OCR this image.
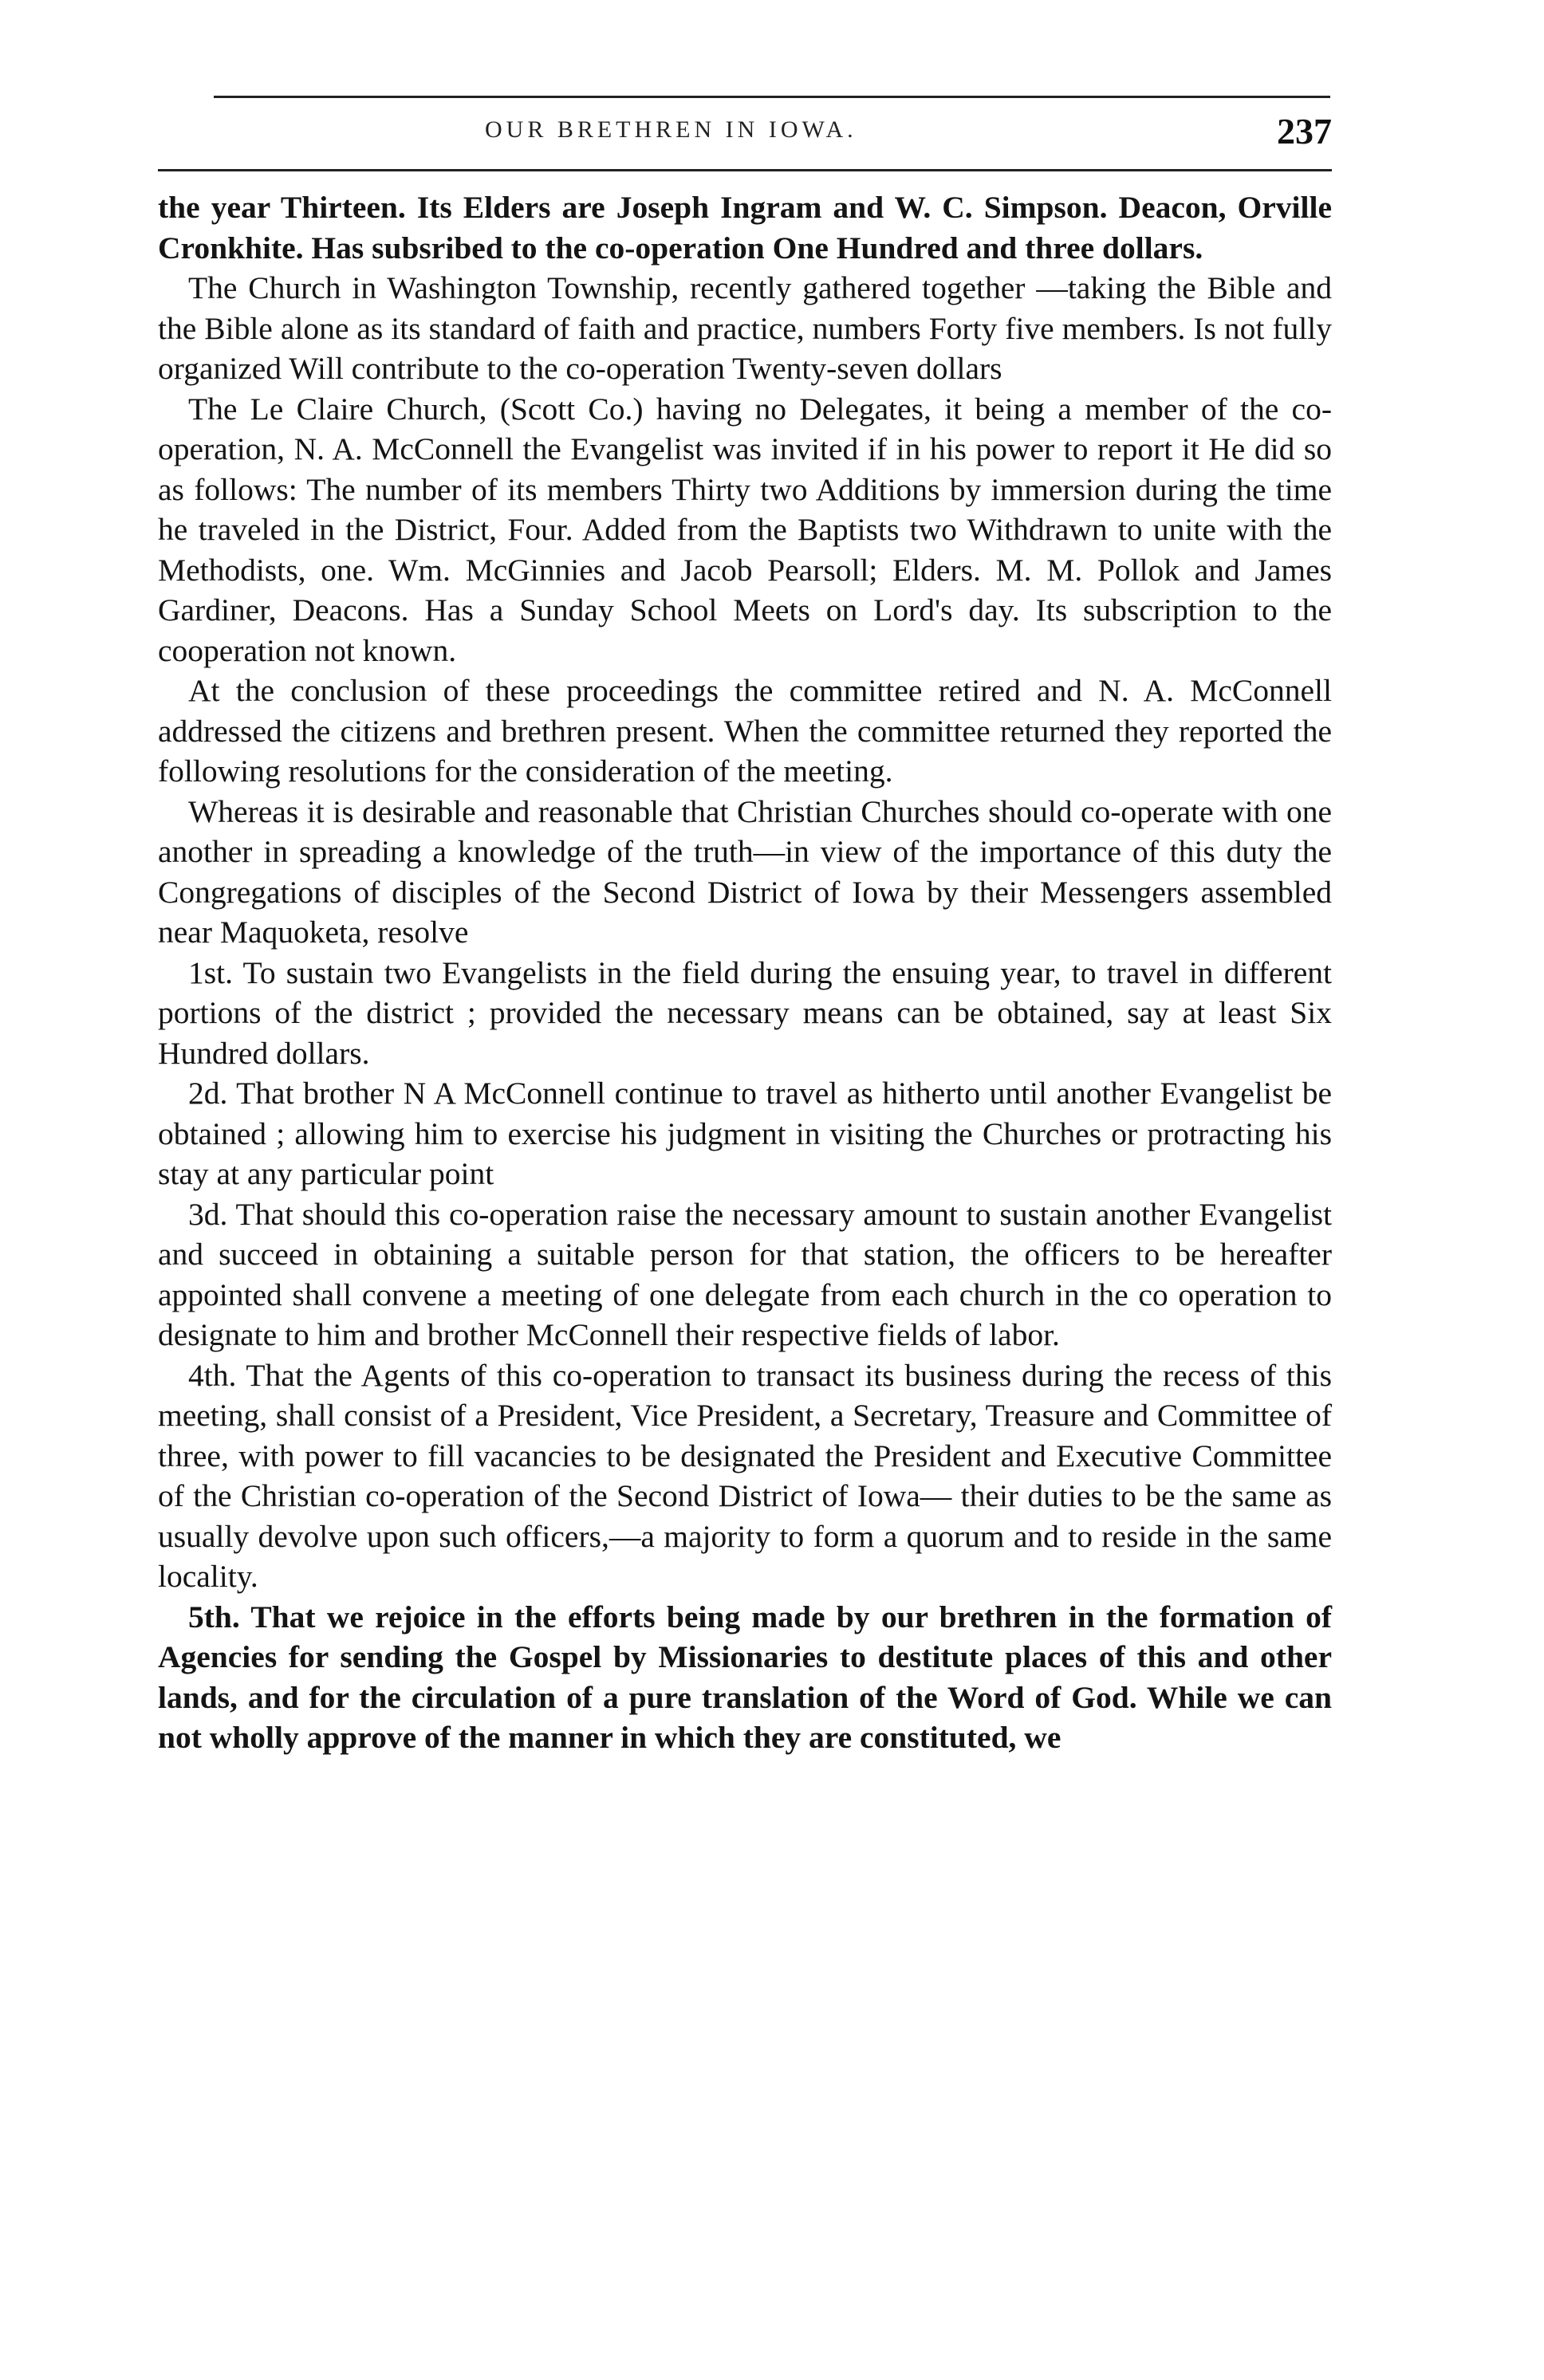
OUR BRETHREN IN IOWA.	237

the year Thirteen. Its Elders are Joseph Ingram and W. C. Simpson. Deacon, Orville Cronkhite. Has subsribed to the co-operation One Hundred and three dollars.

The Church in Washington Township, recently gathered together —taking the Bible and the Bible alone as its standard of faith and practice, numbers Forty five members. Is not fully organized Will contribute to the co-operation Twenty-seven dollars

The Le Claire Church, (Scott Co.) having no Delegates, it being a member of the co-operation, N. A. McConnell the Evangelist was invited if in his power to report it He did so as follows: The number of its members Thirty two Additions by immersion during the time he traveled in the District, Four. Added from the Baptists two Withdrawn to unite with the Methodists, one. Wm. McGinnies and Jacob Pearsoll; Elders. M. M. Pollok and James Gardiner, Deacons. Has a Sunday School Meets on Lord's day. Its subscription to the cooperation not known.

At the conclusion of these proceedings the committee retired and N. A. McConnell addressed the citizens and brethren present. When the committee returned they reported the following resolutions for the consideration of the meeting.

Whereas it is desirable and reasonable that Christian Churches should co-operate with one another in spreading a knowledge of the truth—in view of the importance of this duty the Congregations of disciples of the Second District of Iowa by their Messengers assembled near Maquoketa, resolve

1st. To sustain two Evangelists in the field during the ensuing year, to travel in different portions of the district ; provided the necessary means can be obtained, say at least Six Hundred dollars.

2d. That brother N A McConnell continue to travel as hitherto until another Evangelist be obtained ; allowing him to exercise his judgment in visiting the Churches or protracting his stay at any particular point

3d. That should this co-operation raise the necessary amount to sustain another Evangelist and succeed in obtaining a suitable person for that station, the officers to be hereafter appointed shall convene a meeting of one delegate from each church in the co operation to designate to him and brother McConnell their respective fields of labor.

4th. That the Agents of this co-operation to transact its business during the recess of this meeting, shall consist of a President, Vice President, a Secretary, Treasure and Committee of three, with power to fill vacancies to be designated the President and Executive Committee of the Christian co-operation of the Second District of Iowa— their duties to be the same as usually devolve upon such officers,—a majority to form a quorum and to reside in the same locality.

5th. That we rejoice in the efforts being made by our brethren in the formation of Agencies for sending the Gospel by Missionaries to destitute places of this and other lands, and for the circulation of a pure translation of the Word of God. While we can not wholly approve of the manner in which they are constituted, we
